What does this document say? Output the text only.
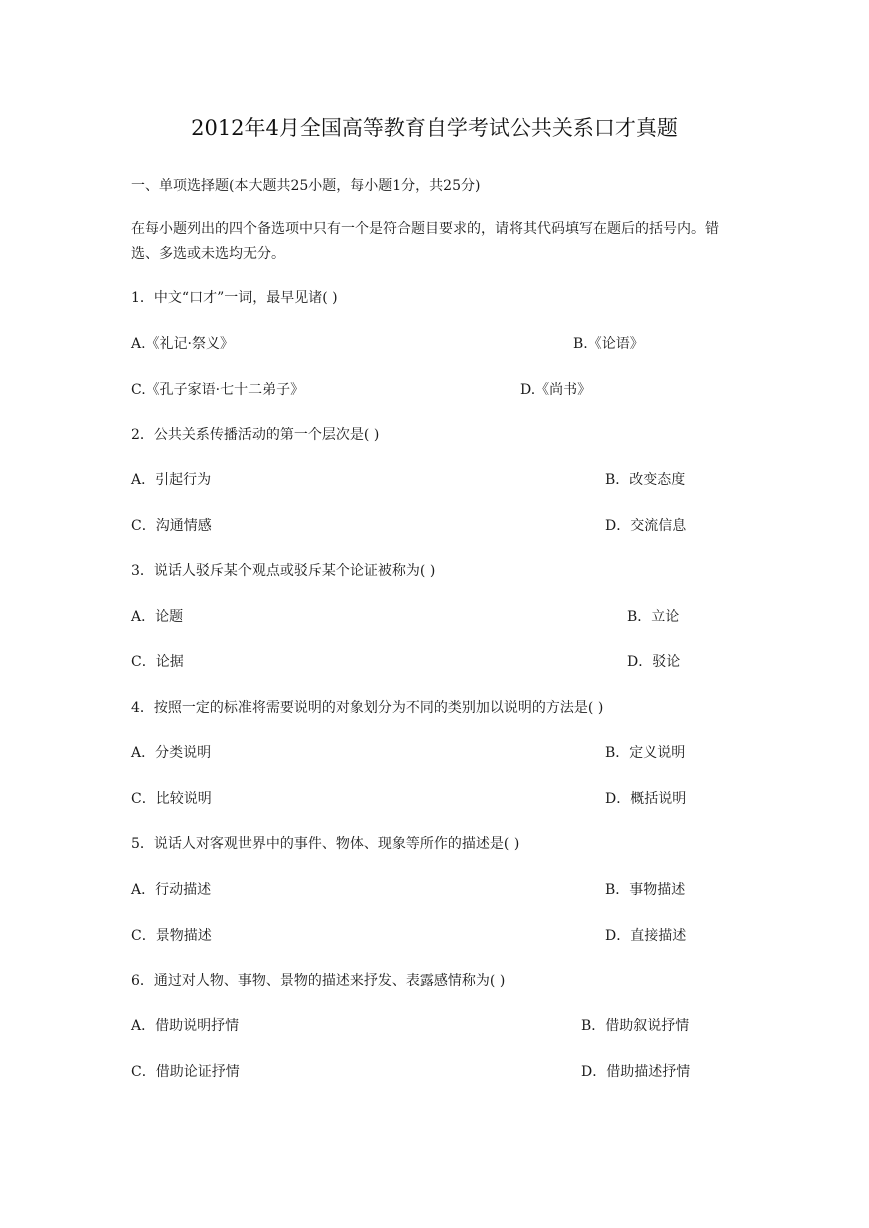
2012年4月全国高等教育自学考试公共关系口才真题
一、单项选择题(本大题共25小题，每小题1分，共25分)
在每小题列出的四个备选项中只有一个是符合题目要求的，请将其代码填写在题后的括号内。错选、多选或未选均无分。
1．中文“口才”一词，最早见诸( )
A.《礼记·祭义》	B.《论语》
C.《孔子家语·七十二弟子》	D.《尚书》
2．公共关系传播活动的第一个层次是( )
A．引起行为	B．改变态度
C．沟通情感	D．交流信息
3．说话人驳斥某个观点或驳斥某个论证被称为( )
A．论题	B．立论
C．论据	D．驳论
4．按照一定的标准将需要说明的对象划分为不同的类别加以说明的方法是( )
A．分类说明	B．定义说明
C．比较说明	D．概括说明
5．说话人对客观世界中的事件、物体、现象等所作的描述是( )
A．行动描述	B．事物描述
C．景物描述	D．直接描述
6．通过对人物、事物、景物的描述来抒发、表露感情称为( )
A．借助说明抒情	B．借助叙说抒情
C．借助论证抒情	D．借助描述抒情
